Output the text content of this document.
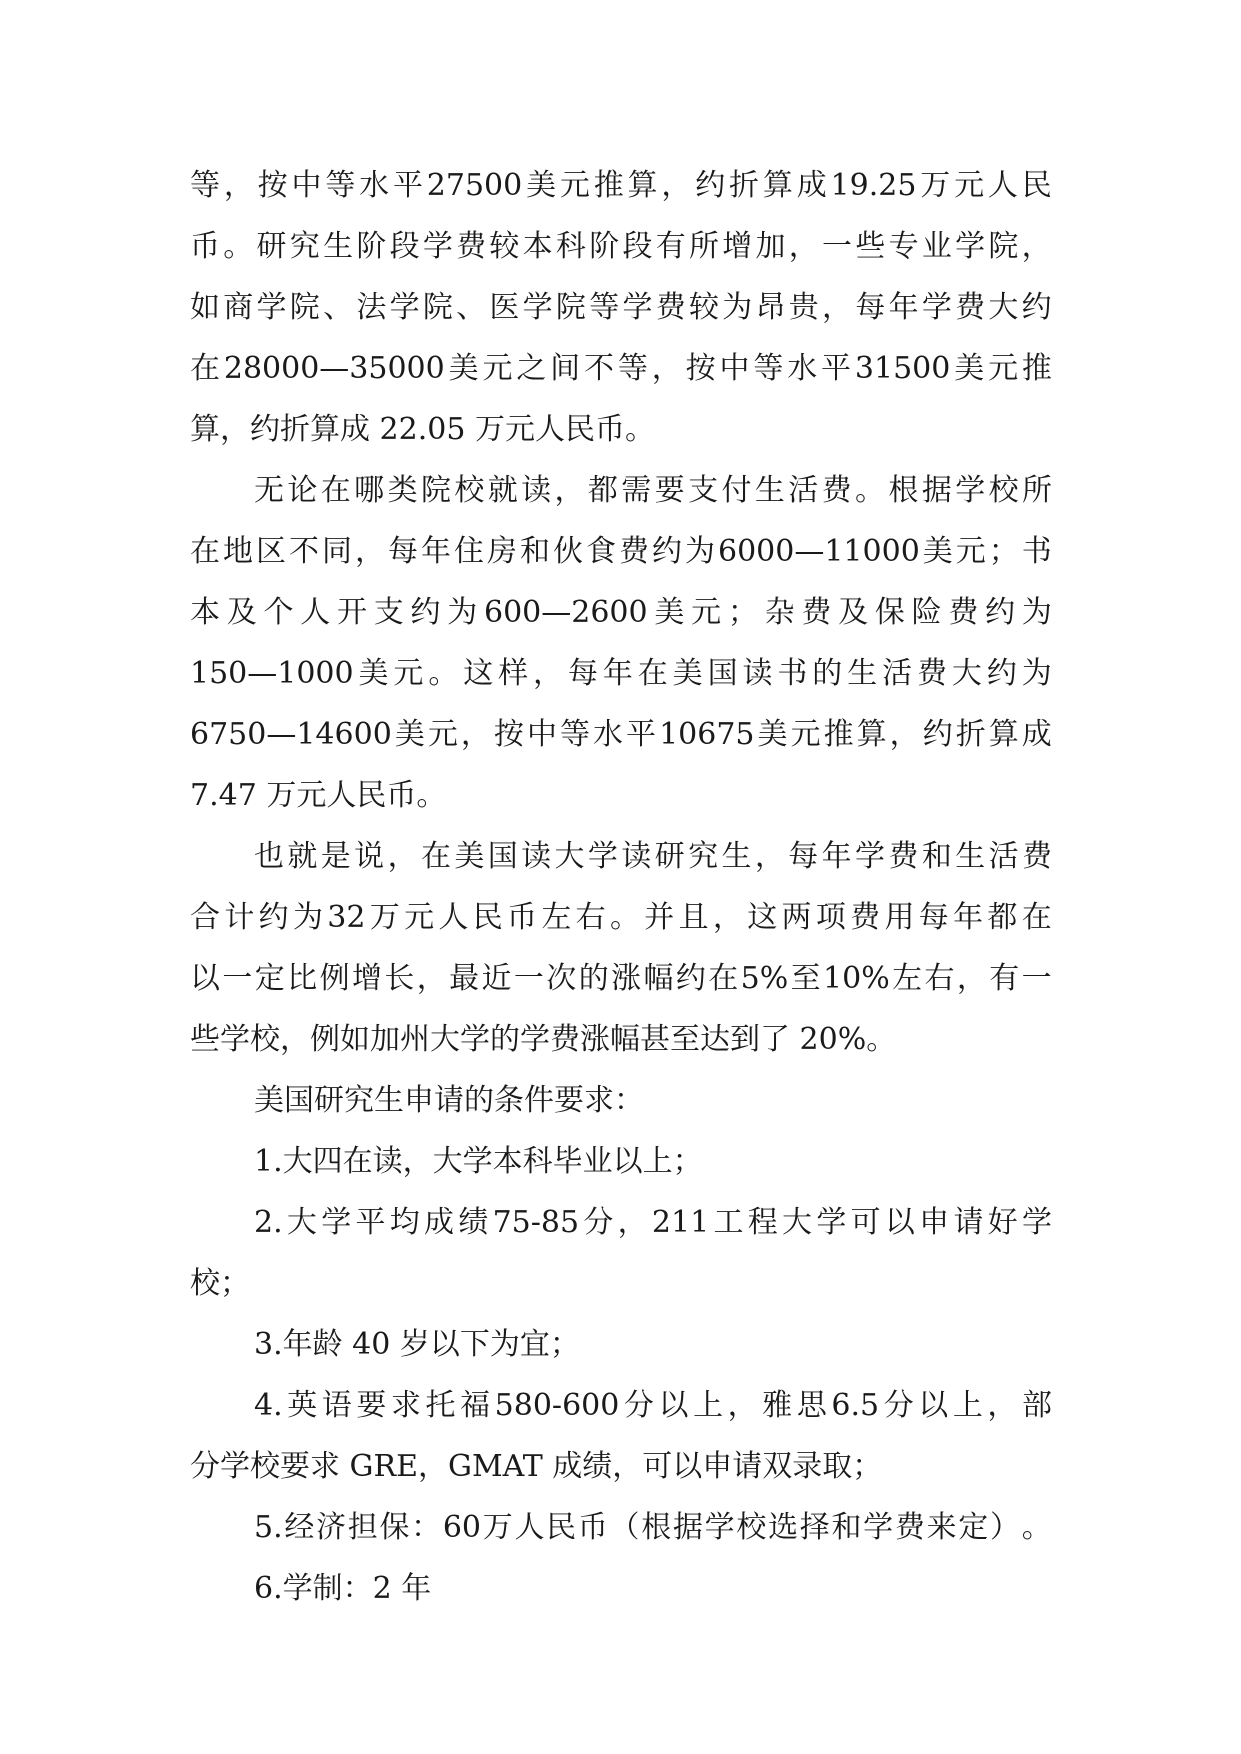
等 ， 按 中 等 水 平 27500 美 元 推 算 ， 约 折 算 成 19.25 万 元 人 民
币 。 研 究 生 阶 段 学 费 较 本 科 阶 段 有 所 增 加 ， 一 些 专 业 学 院 ，
如 商 学 院 、 法 学 院 、 医 学 院 等 学 费 较 为 昂 贵 ， 每 年 学 费 大 约
在 28000—35000 美 元 之 间 不 等 ， 按 中 等 水 平 31500 美 元 推
算，约折算成 22.05 万元人民币。
无 论 在 哪 类 院 校 就 读 ， 都 需 要 支 付 生 活 费 。 根 据 学 校 所
在 地 区 不 同 ， 每 年 住 房 和 伙 食 费 约 为 6000—11000 美 元 ； 书
本 及 个 人 开 支 约 为 600—2600 美 元 ； 杂 费 及 保 险 费 约 为
150—1000 美 元 。 这 样 ， 每 年 在 美 国 读 书 的 生 活 费 大 约 为
6750—14600 美 元 ， 按 中 等 水 平 10675 美 元 推 算 ， 约 折 算 成
7.47 万元人民币。
也 就 是 说 ， 在 美 国 读 大 学 读 研 究 生 ， 每 年 学 费 和 生 活 费
合 计 约 为 32 万 元 人 民 币 左 右 。 并 且 ， 这 两 项 费 用 每 年 都 在
以 一 定 比 例 增 长 ， 最 近 一 次 的 涨 幅 约 在 5% 至 10% 左 右 ， 有 一
些学校，例如加州大学的学费涨幅甚至达到了 20%。
美国研究生申请的条件要求：
1.大四在读，大学本科毕业以上；
2. 大 学 平 均 成 绩 75-85 分 ， 211 工 程 大 学 可 以 申 请 好 学
校；
3.年龄 40 岁以下为宜；
4. 英 语 要 求 托 福 580-600 分 以 上 ， 雅 思 6.5 分 以 上 ， 部
分学校要求 GRE，GMAT 成绩，可以申请双录取；
5. 经 济 担 保 ： 60 万 人 民 币 （ 根 据 学 校 选 择 和 学 费 来 定 ） 。
6.学制：2 年
